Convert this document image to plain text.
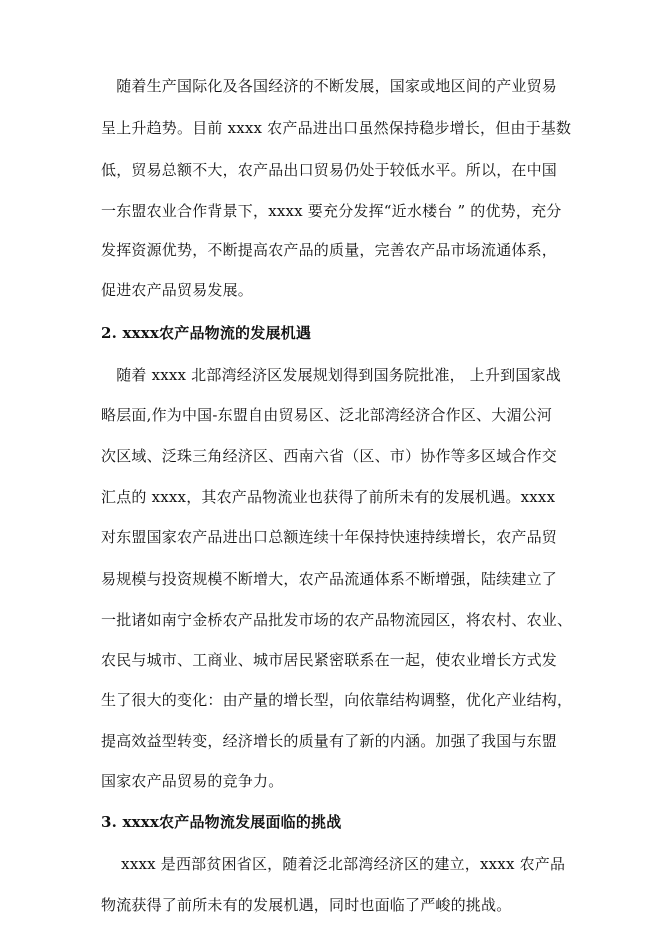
　随着生产国际化及各国经济的不断发展，国家或地区间的产业贸易
呈上升趋势。目前 xxxx 农产品进出口虽然保持稳步增长，但由于基数
低，贸易总额不大，农产品出口贸易仍处于较低水平。所以，在中国
一东盟农业合作背景下，xxxx 要充分发挥“近水楼台 ” 的优势，充分
发挥资源优势，不断提高农产品的质量，完善农产品市场流通体系，
促进农产品贸易发展。
2. xxxx农产品物流的发展机遇
　随着 xxxx 北部湾经济区发展规划得到国务院批准， 上升到国家战
略层面,作为中国-东盟自由贸易区、泛北部湾经济合作区、大湄公河
次区域、泛珠三角经济区、西南六省（区、市）协作等多区域合作交
汇点的 xxxx，其农产品物流业也获得了前所未有的发展机遇。xxxx
对东盟国家农产品进出口总额连续十年保持快速持续增长，农产品贸
易规模与投资规模不断增大，农产品流通体系不断增强，陆续建立了
一批诸如南宁金桥农产品批发市场的农产品物流园区，将农村、农业、
农民与城市、工商业、城市居民紧密联系在一起，使农业增长方式发
生了很大的变化：由产量的增长型，向依靠结构调整，优化产业结构，
提高效益型转变，经济增长的质量有了新的内涵。加强了我国与东盟
国家农产品贸易的竞争力。
3. xxxx农产品物流发展面临的挑战
　 xxxx 是西部贫困省区，随着泛北部湾经济区的建立，xxxx 农产品
物流获得了前所未有的发展机遇，同时也面临了严峻的挑战。
